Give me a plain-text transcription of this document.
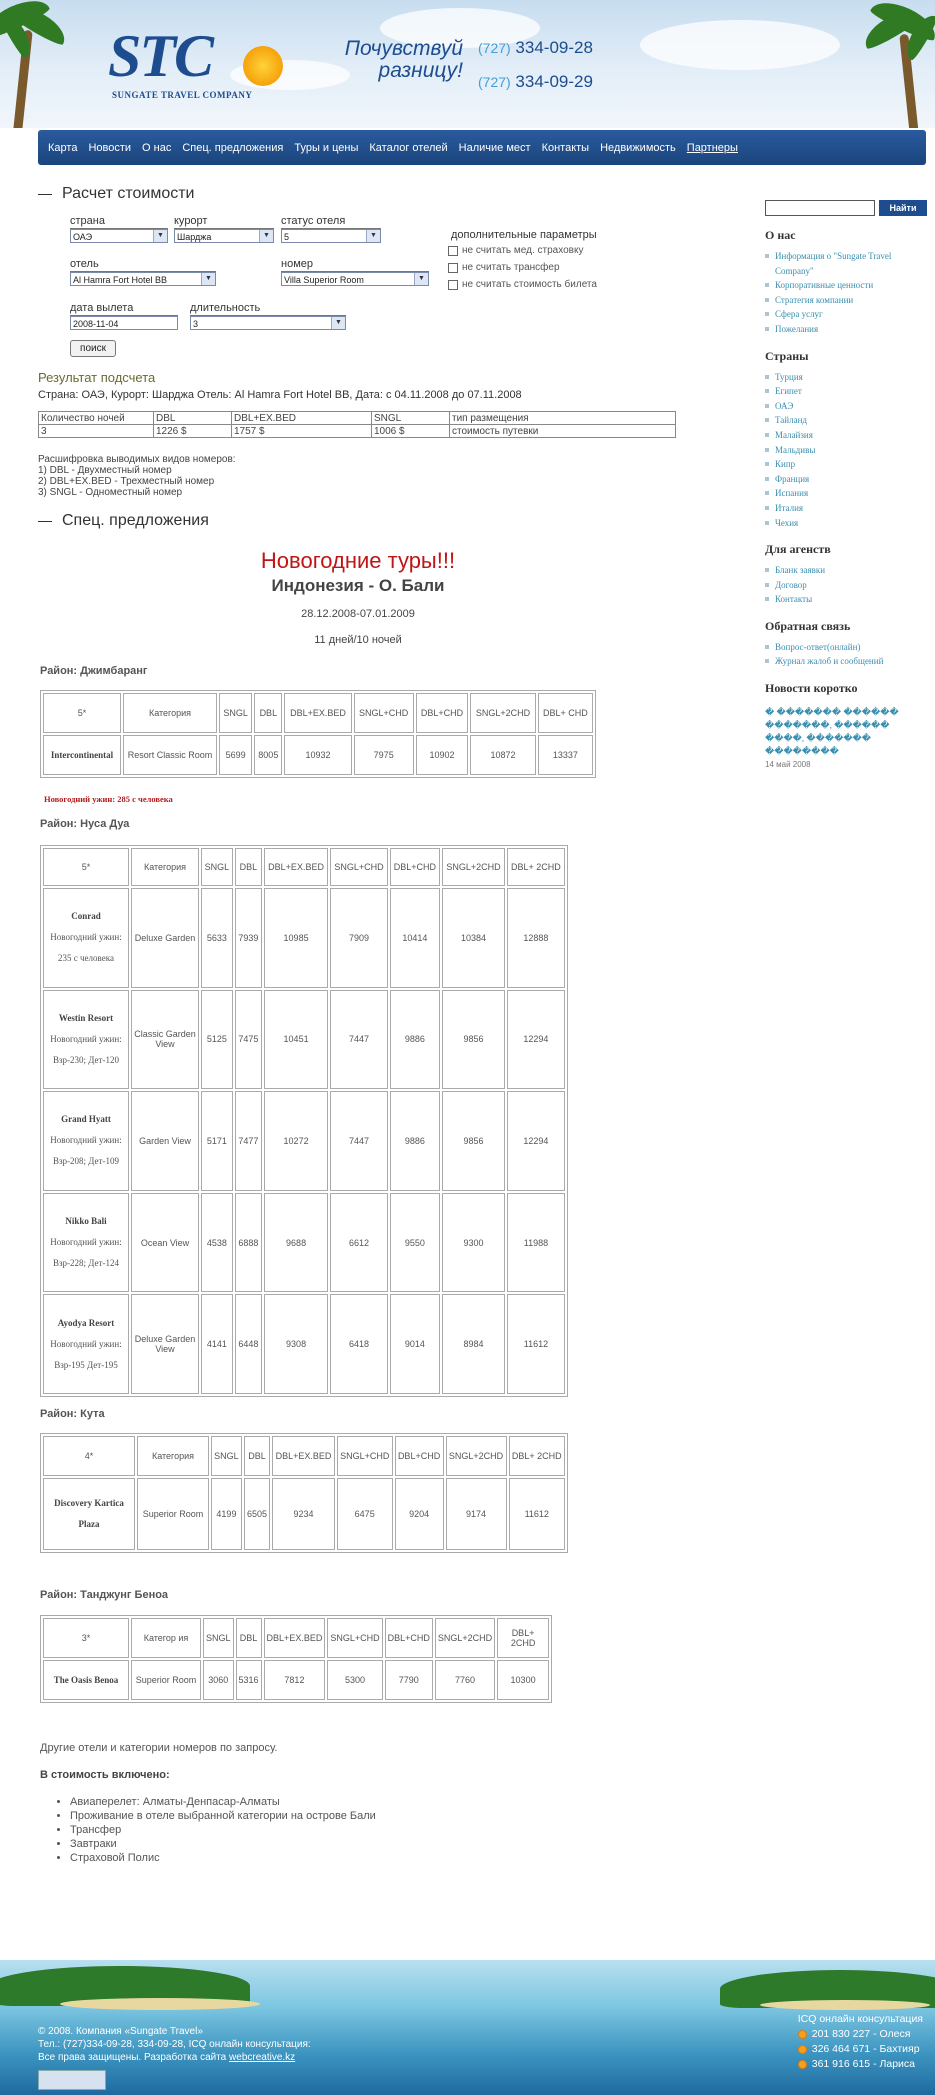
STC
SUNGATE TRAVEL COMPANY
Почувствуй
разницу!
(727) 334-09-28
(727) 334-09-29
Карта Новости О нас Спец. предложения Туры и цены Каталог отелей Наличие мест Контакты Недвижимость Партнеры
Расчет стоимости
страна
ОАЭ	▼
курорт
Шарджа	▼
статус отеля
5	▼	дополнительные параметры
не считать мед. страховку
не считать трансфер
не считать стоимость билета
отель
Al Hamra Fort Hotel BB	▼
номер
Villa Superior Room	▼
дата вылета
2008-11-04
длительность
3	▼
поиск
Результат подсчета
Страна: ОАЭ, Курорт: Шарджа Отель: Al Hamra Fort Hotel BB, Дата: с 04.11.2008 до 07.11.2008
Количество ночей	DBL	DBL+EX.BED	SNGL	тип размещения
3	1226 $	1757 $	1006 $	стоимость путевки
Расшифровка выводимых видов номеров:
1) DBL - Двухместный номер
2) DBL+EX.BED - Трехместный номер
3) SNGL - Одноместный номер
Спец. предложения
Новогодние туры!!!
Индонезия - О. Бали
28.12.2008-07.01.2009
11 дней/10 ночей
Район: Джимбаранг
5*	Категория	SNGL	DBL	DBL+EX.BED	SNGL+CHD	DBL+CHD	SNGL+2CHD	DBL+ CHD
Intercontinental	Resort Classic Room	5699	8005	10932	7975	10902	10872	13337
Новогодний ужин: 285 с человека
Район: Нуса Дуа
5*	Категория	SNGL	DBL	DBL+EX.BED	SNGL+CHD	DBL+CHD	SNGL+2CHD	DBL+ 2CHD
Conrad
Новогодний ужин: 235 с человека	Deluxe Garden	5633	7939	10985	7909	10414	10384	12888
Westin Resort
Новогодний ужин: Взр-230; Дет-120	Classic Garden View	5125	7475	10451	7447	9886	9856	12294
Grand Hyatt
Новогодний ужин: Взр-208; Дет-109	Garden View	5171	7477	10272	7447	9886	9856	12294
Nikko Bali
Новогодний ужин: Взр-228; Дет-124	Ocean View	4538	6888	9688	6612	9550	9300	11988
Ayodya Resort
Новогодний ужин: Взр-195 Дет-195	Deluxe Garden View	4141	6448	9308	6418	9014	8984	11612
Район: Кута
4*	Категория	SNGL	DBL	DBL+EX.BED	SNGL+CHD	DBL+CHD	SNGL+2CHD	DBL+ 2CHD
Discovery Kartica Plaza	Superior Room	4199	6505	9234	6475	9204	9174	11612
Район: Танджунг Беноа
3*	Категор ия	SNGL	DBL	DBL+EX.BED	SNGL+CHD	DBL+CHD	SNGL+2CHD	DBL+ 2CHD
The Oasis Benoa	Superior Room	3060	5316	7812	5300	7790	7760	10300
Другие отели и категории номеров по запросу.
В стоимость включено:
• Авиаперелет: Алматы-Денпасар-Алматы
• Проживание в отеле выбранной категории на острове Бали
• Трансфер
• Завтраки
• Страховой Полис
Найти
О нас
Информация о "Sungate Travel Company"
Корпоративные ценности
Стратегия компании
Сфера услуг
Пожелания
Страны
Турция
Египет
ОАЭ
Тайланд
Малайзия
Мальдивы
Кипр
Франция
Испания
Италия
Чехия
Для агенств
Бланк заявки
Договор
Контакты
Обратная связь
Вопрос-ответ(онлайн)
Журнал жалоб и сообщений
Новости коротко
� ������� ������ �������, ������ ����, ������� ��������
14 май 2008
© 2008. Компания «Sungate Travel»
Тел.: (727)334-09-28, 334-09-28, ICQ онлайн консультация:
Все права защищены. Разработка сайта webcreative.kz
ICQ онлайн консультация
201 830 227
- Олеся
326 464 671
- Бахтияр
361 916 615
- Лариса
